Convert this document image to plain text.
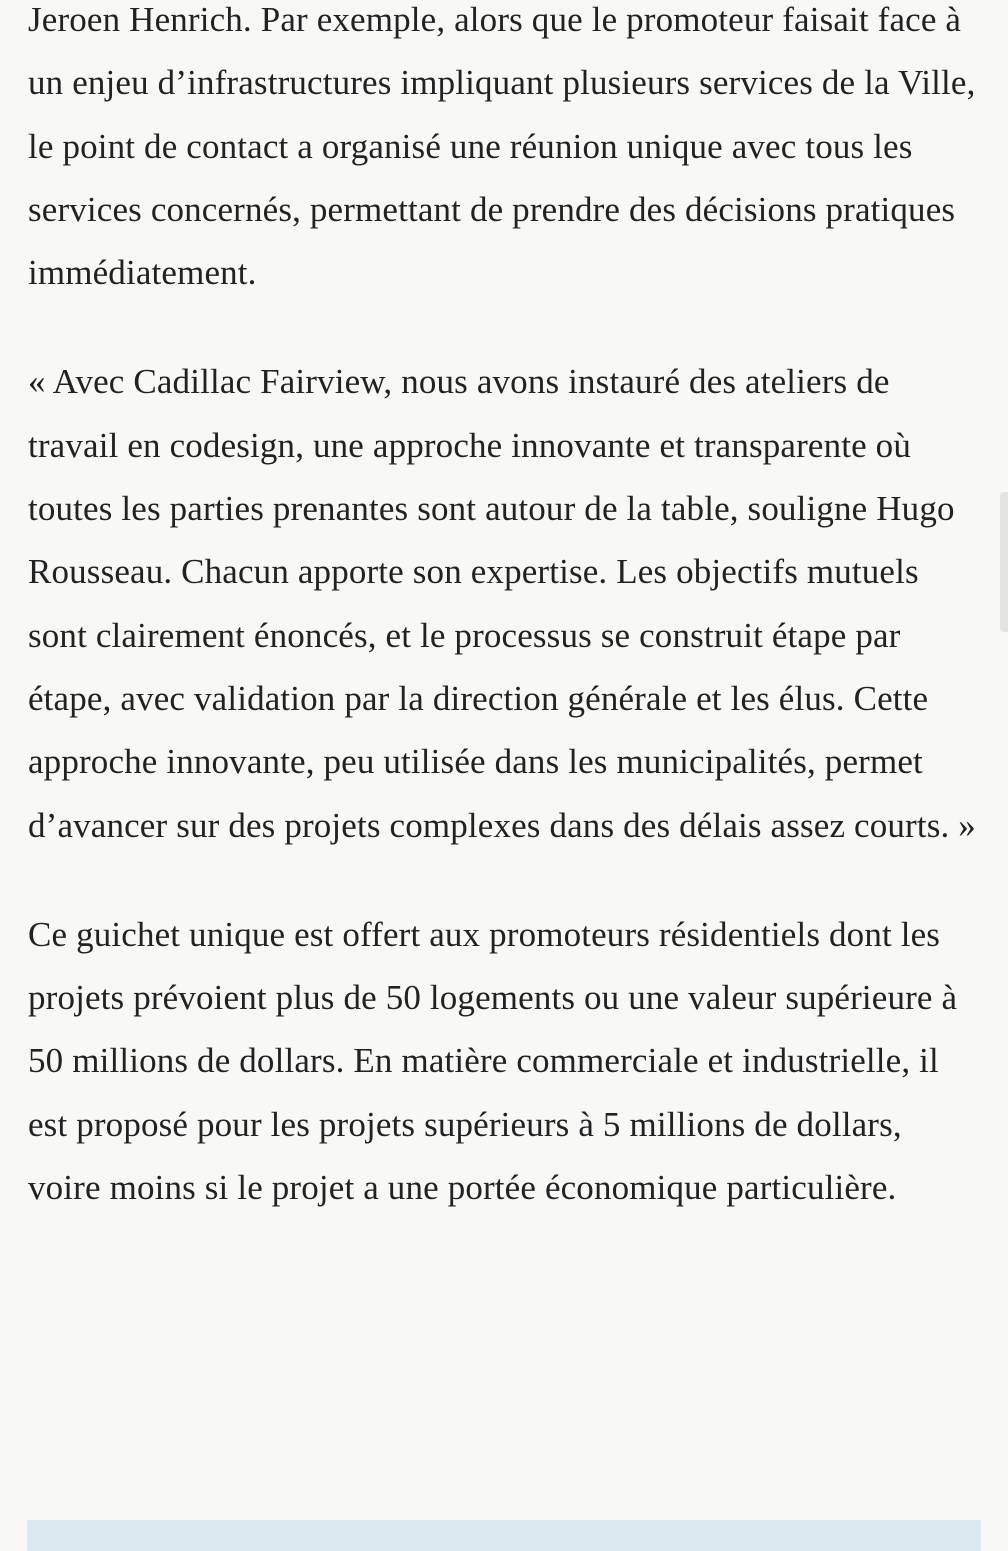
Jeroen Henrich. Par exemple, alors que le promoteur faisait face à un enjeu d’infrastructures impliquant plusieurs services de la Ville, le point de contact a organisé une réunion unique avec tous les services concernés, permettant de prendre des décisions pratiques immédiatement.

« Avec Cadillac Fairview, nous avons instauré des ateliers de travail en codesign, une approche innovante et transparente où toutes les parties prenantes sont autour de la table, souligne Hugo Rousseau. Chacun apporte son expertise. Les objectifs mutuels sont clairement énoncés, et le processus se construit étape par étape, avec validation par la direction générale et les élus. Cette approche innovante, peu utilisée dans les municipalités, permet d’avancer sur des projets complexes dans des délais assez courts. »

Ce guichet unique est offert aux promoteurs résidentiels dont les projets prévoient plus de 50 logements ou une valeur supérieure à 50 millions de dollars. En matière commerciale et industrielle, il est proposé pour les projets supérieurs à 5 millions de dollars, voire moins si le projet a une portée économique particulière.
